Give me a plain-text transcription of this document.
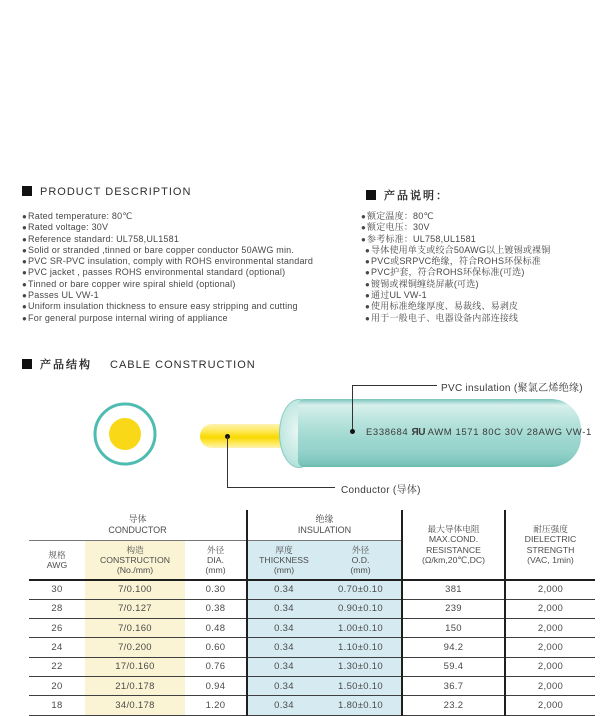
PRODUCT DESCRIPTION
● Rated temperature: 80℃
● Rated voltage: 30V
● Reference standard: UL758,UL1581
● Solid or stranded ,tinned or bare copper conductor 50AWG min.
● PVC SR-PVC insulation, comply with ROHS environmental standard
● PVC jacket , passes ROHS environmental standard (optional)
● Tinned or bare copper wire spiral shield (optional)
● Passes UL VW-1
● Uniform insulation thickness to ensure easy stripping and cutting
● For general purpose internal wiring of appliance
产品说明：
● 额定温度：80℃
● 额定电压：30V
● 参考标准：UL758,UL1581
● 导体使用单支或绞合50AWG以上镀锡或裸铜
● PVC或SRPVC绝缘，符合ROHS环保标准
● PVC护套，符合ROHS环保标准(可选)
● 镀锡或裸铜缠绕屏蔽(可选)
● 通过UL VW-1
● 使用标准绝缘厚度、易裁线、易剥皮
● 用于一般电子、电器设备内部连接线
产品结构 CABLE CONSTRUCTION
E338684 ЯU AWM 1571 80C 30V 28AWG VW-1
PVC insulation (聚氯乙烯绝缘)
Conductor (导体)
导体
CONDUCTOR

绝缘
INSULATION	最大导体电阻
MAX.COND.
RESISTANCE
(Ω/km,20℃,DC)

耐压强度
DIELECTRIC
STRENGTH
(VAC, 1min)

规格
AWG

构造
CONSTRUCTION
(No./mm)

外径
DIA.
(mm)

厚度
THICKNESS
(mm)

外径
O.D.
(mm)

30	7/0.100	0.30	0.34	0.70±0.10	381	2,000
28	7/0.127	0.38	0.34	0.90±0.10	239	2,000
26	7/0.160	0.48	0.34	1.00±0.10	150	2,000
24	7/0.200	0.60	0.34	1.10±0.10	94.2	2,000
22	17/0.160	0.76	0.34	1.30±0.10	59.4	2,000
20	21/0.178	0.94	0.34	1.50±0.10	36.7	2,000
18	34/0.178	1.20	0.34	1.80±0.10	23.2	2,000
